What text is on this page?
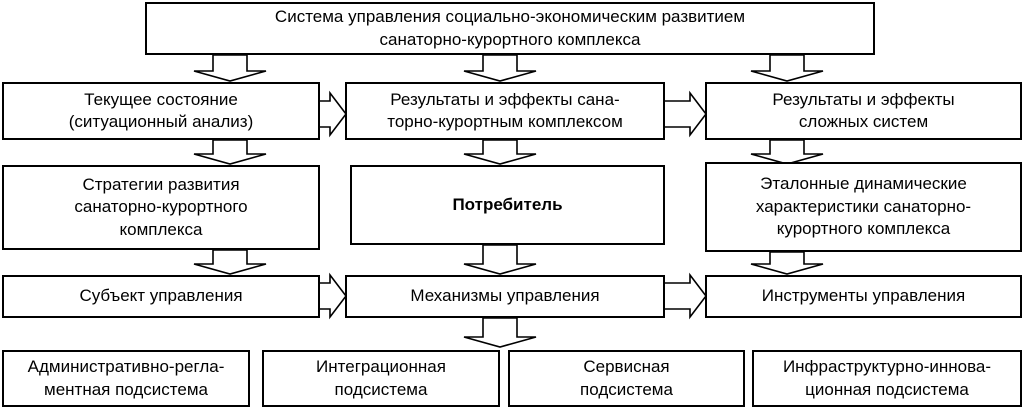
Система управления социально-экономическим развитием
санаторно-курортного комплекса
Текущее состояние
(ситуационный анализ)
Результаты и эффекты сана-
торно-курортным комплексом
Результаты и эффекты
сложных систем
Стратегии развития
санаторно-курортного
комплекса
Потребитель
Эталонные динамические
характеристики санаторно-
курортного комплекса
Субъект управления	Механизмы управления	Инструменты управления
Административно-регла-
ментная подсистема
Интеграционная
подсистема
Сервисная
подсистема
Инфраструктурно-иннова-
ционная подсистема
